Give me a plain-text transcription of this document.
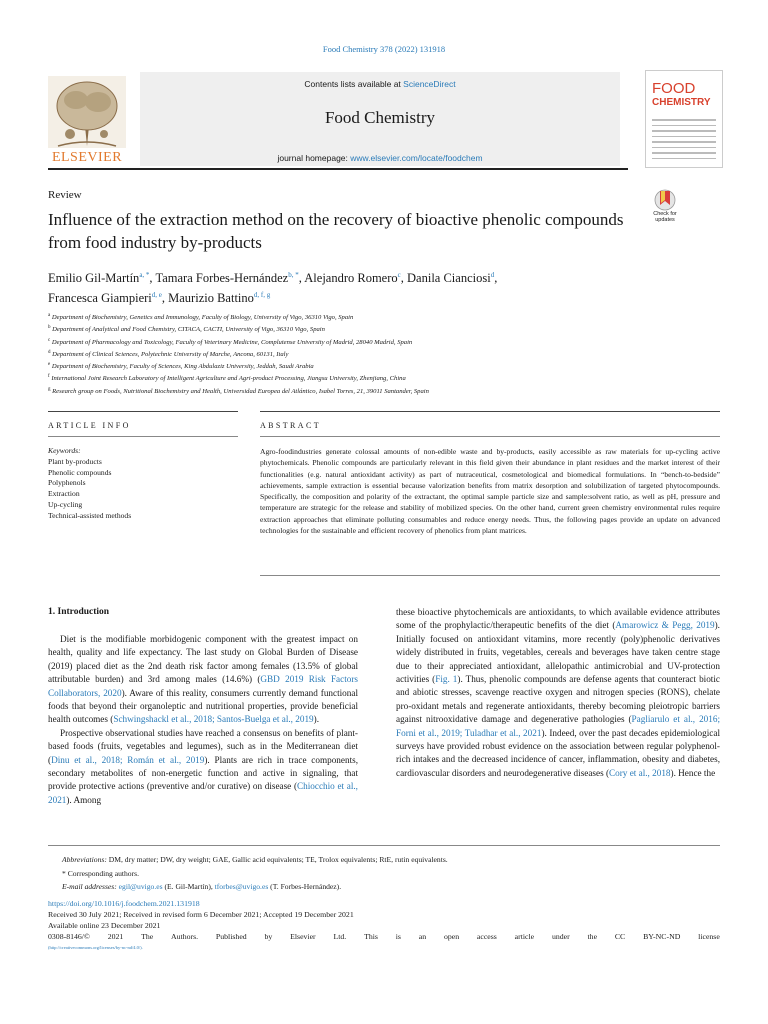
Food Chemistry 378 (2022) 131918
ELSEVIER
Contents lists available at ScienceDirect
Food Chemistry
journal homepage: www.elsevier.com/locate/foodchem
FOOD
CHEMISTRY
Review
Influence of the extraction method on the recovery of bioactive phenolic compounds from food industry by-products
Check for updates
Emilio Gil-Martín$^{a, *}$, Tamara Forbes-Hernández$^{b, *}$, Alejandro Romero$^c$, Danila Cianciosi$^d$,
Francesca Giampieri$^{d, e}$, Maurizio Battino$^{d, f, g}$
$^a$ Department of Biochemistry, Genetics and Immunology, Faculty of Biology, University of Vigo, 36310 Vigo, Spain
$^b$ Department of Analytical and Food Chemistry, CITACA, CACTI, University of Vigo, 36310 Vigo, Spain
$^c$ Department of Pharmacology and Toxicology, Faculty of Veterinary Medicine, Complutense University of Madrid, 28040 Madrid, Spain
$^d$ Department of Clinical Sciences, Polytechnic University of Marche, Ancona, 60131, Italy
$^e$ Department of Biochemistry, Faculty of Sciences, King Abdulaziz University, Jeddah, Saudi Arabia
$^f$ International Joint Research Laboratory of Intelligent Agriculture and Agri-product Processing, Jiangsu University, Zhenjiang, China
$^g$ Research group on Foods, Nutritional Biochemistry and Health, Universidad Europea del Atlántico, Isabel Torres, 21, 39011 Santander, Spain
ARTICLE INFO	ABSTRACT
Keywords:
Plant by-products
Phenolic compounds
Polyphenols
Extraction
Up-cycling
Technical-assisted methods
Agro-foodindustries generate colossal amounts of non-edible waste and by-products, easily accessible as raw materials for up-cycling active phytochemicals. Phenolic compounds are particularly relevant in this field given their abundance in plant residues and the market interest of their functionalities (e.g. natural antioxidant activity) as part of nutraceutical, cosmetological and biomedical formulations. In “bench-to-bedside” achievements, sample extraction is essential because valorization benefits from matrix desorption and solubilization of targeted phytocompounds. Specifically, the composition and polarity of the extractant, the optimal sample particle size and sample:solvent ratio, as well as pH, pressure and temperature are strategic for the release and stability of mobilized species. On the other hand, current green chemistry environmental rules require extraction approaches that eliminate polluting consumables and reduce energy needs. Thus, the following pages provide an update on advanced technologies for the sustainable and efficient recovery of phenolics from plant matrices.
1. Introduction

Diet is the modifiable morbidogenic component with the greatest impact on health, quality and life expectancy. The last study on Global Burden of Disease (2019) placed diet as the 2nd death risk factor among females (13.5% of global attributable burden) and 3rd among males (14.6%) (GBD 2019 Risk Factors Collaborators, 2020). Aware of this reality, consumers currently demand functional foods that beyond their organoleptic and nutritional properties, provide beneficial health outcomes (Schwingshackl et al., 2018; Santos-Buelga et al., 2019).

Prospective observational studies have reached a consensus on benefits of plant-based foods (fruits, vegetables and legumes), such as in the Mediterranean diet (Dinu et al., 2018; Román et al., 2019). Plants are rich in trace components, secondary metabolites of non-energetic function and active in signaling, that provide protective actions (preventive and/or curative) on disease (Chiocchio et al., 2021). Among

these bioactive phytochemicals are antioxidants, to which available evidence attributes some of the prophylactic/therapeutic benefits of the diet (Amarowicz & Pegg, 2019). Initially focused on antioxidant vitamins, more recently (poly)phenolic derivatives widely distributed in fruits, vegetables, cereals and beverages have taken centre stage due to their appreciated antioxidant, allelopathic antimicrobial and UV-protection activities (Fig. 1). Thus, phenolic compounds are defense agents that counteract biotic and abiotic stresses, scavenge reactive oxygen and nitrogen species (RONS), chelate pro-oxidant metals and regenerate antioxidants, thereby becoming pleiotropic barriers against nitrooxidative damage and degenerative pathologies (Pagliarulo et al., 2016; Forni et al., 2019; Tuladhar et al., 2021). Indeed, over the past decades epidemiological surveys have provided robust evidence on the association between regular polyphenol-rich intakes and the decreased incidence of cancer, inflammation, obesity and diabetes, cardiovascular disorders and neurodegenerative diseases (Cory et al., 2018). Hence the

Abbreviations: DM, dry matter; DW, dry weight; GAE, Gallic acid equivalents; TE, Trolox equivalents; RtE, rutin equivalents.
* Corresponding authors.
E-mail addresses: egil@uvigo.es (E. Gil-Martín), tforbes@uvigo.es (T. Forbes-Hernández).
https://doi.org/10.1016/j.foodchem.2021.131918
Received 30 July 2021; Received in revised form 6 December 2021; Accepted 19 December 2021
Available online 23 December 2021
0308-8146/© 2021 The Authors. Published by Elsevier Ltd. This is an open access article under the CC BY-NC-ND license
(http://creativecommons.org/licenses/by-nc-nd/4.0/).
